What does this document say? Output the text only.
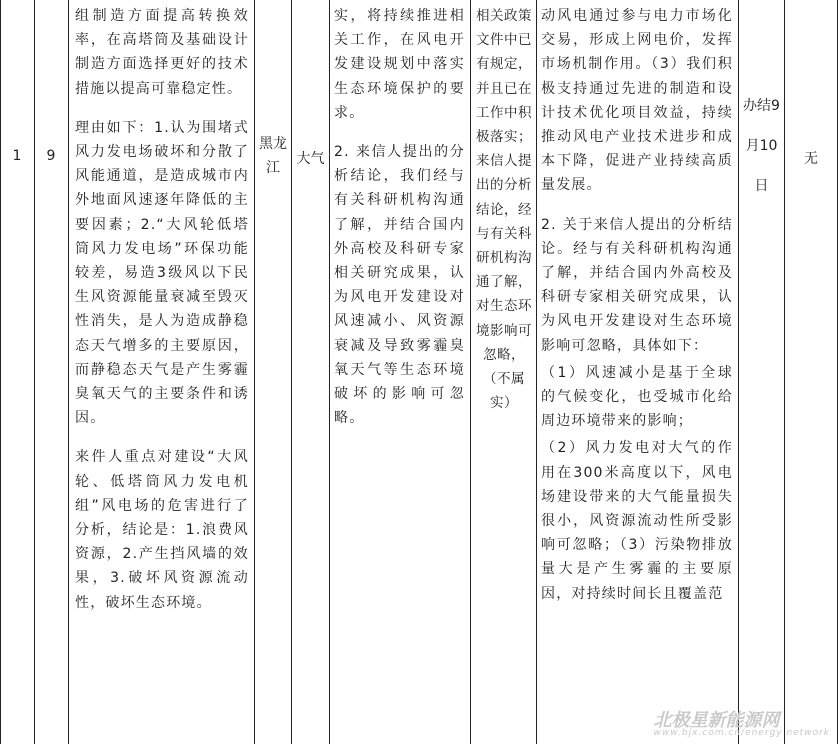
1	9

组制造方面提高转换效率，在高塔筒及基础设计制造方面选择更好的技术措施以提高可靠稳定性。

理由如下：1.认为围堵式风力发电场破坏和分散了风能通道，是造成城市内外地面风速逐年降低的主要因素；2.“大风轮低塔筒风力发电场”环保功能较差，易造3级风以下民生风资源能量衰减至毁灭性消失，是人为造成静稳态天气增多的主要原因，而静稳态天气是产生雾霾臭氧天气的主要条件和诱因。

来件人重点对建设“大风轮、低塔筒风力发电机组”风电场的危害进行了分析，结论是：1.浪费风资源，2.产生挡风墙的效果，3.破坏风资源流动性，破坏生态环境。

黑龙江
大气

实，将持续推进相关工作，在风电开发建设规划中落实生态环境保护的要求。

2. 来信人提出的分析结论，我们经与有关科研机构沟通了解，并结合国内外高校及科研专家相关研究成果，认为风电开发建设对风速减小、风资源衰减及导致雾霾臭氧天气等生态环境破坏的影响可忽略。

相关政策文件中已有规定，并且已在工作中积极落实；来信人提出的分析结论，经与有关科研机构沟通了解，对生态环境影响可忽略，（不属实）

动风电通过参与电力市场化交易，形成上网电价，发挥市场机制作用。（3）我们积极支持通过先进的制造和设计技术优化项目效益，持续推动风电产业技术进步和成本下降，促进产业持续高质量发展。

2. 关于来信人提出的分析结论。经与有关科研机构沟通了解，并结合国内外高校及科研专家相关研究成果，认为风电开发建设对生态环境影响可忽略，具体如下：

（1）风速减小是基于全球的气候变化，也受城市化给周边环境带来的影响；

（2）风力发电对大气的作用在300米高度以下，风电场建设带来的大气能量损失很小，风资源流动性所受影响可忽略；（3）污染物排放量大是产生雾霾的主要原因，对持续时间长且覆盖范

办结9月10日
无
北极星新能源网
www.bjx.com.cn/energy network
